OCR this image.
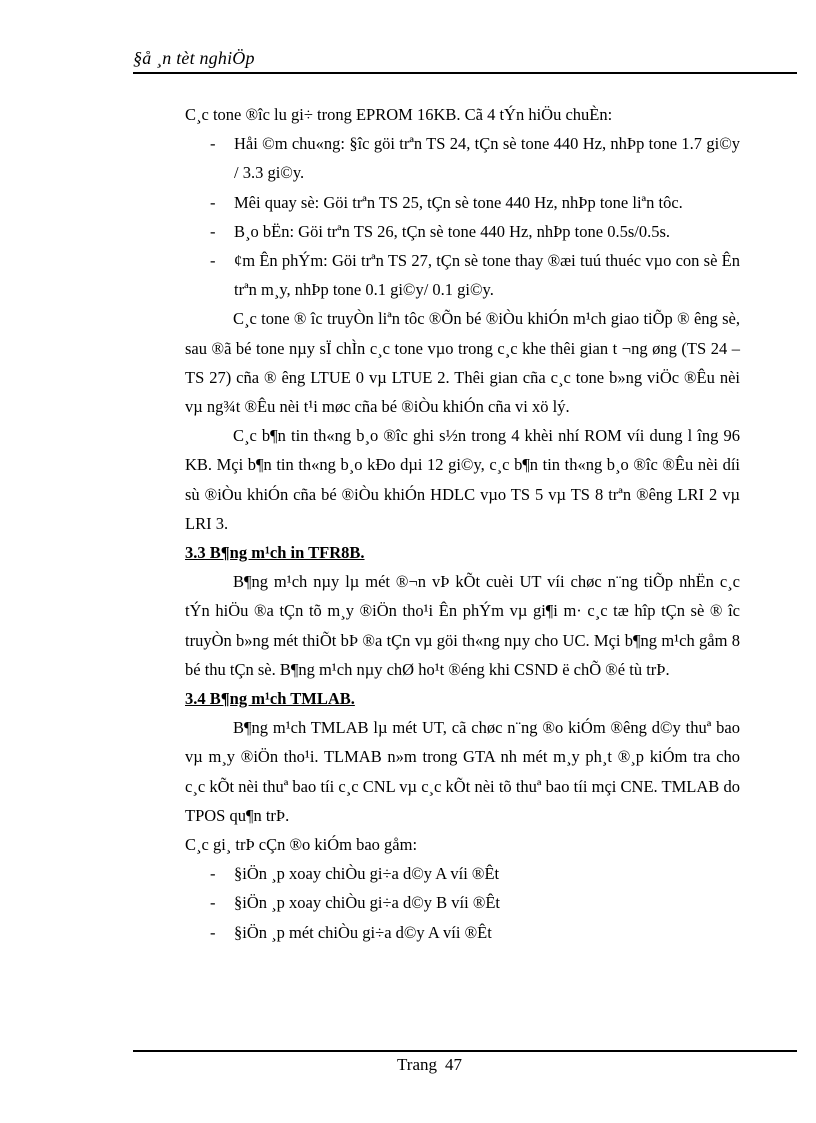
§å ¸n tèt nghiÖp

C¸c tone ®îc lu gi÷ trong EPROM 16KB. Cã 4 tÝn hiÖu chuÈn:

- Håi ©m chu«ng: §îc göi trªn TS 24, tÇn sè tone 440 Hz, nhÞp tone 1.7 gi©y / 3.3 gi©y.
- Mêi quay sè: Göi trªn TS 25, tÇn sè tone 440 Hz, nhÞp tone liªn tôc.
- B¸o bËn: Göi trªn TS 26, tÇn sè tone 440 Hz, nhÞp tone 0.5s/0.5s.
- ¢m Ên phÝm: Göi trªn TS 27, tÇn sè tone thay ®æi tuú thuéc vµo con sè Ên trªn m¸y, nhÞp tone 0.1 gi©y/ 0.1 gi©y.

C¸c tone ® îc truyÒn liªn tôc ®Õn bé ®iÒu khiÓn m¹ch giao tiÕp ® êng sè, sau ®ã bé tone nµy sÏ chÌn c¸c tone vµo trong c¸c khe thêi gian t ¬ng øng (TS 24 – TS 27) cña ® êng LTUE 0 vµ LTUE 2. Thêi gian cña c¸c tone b»ng viÖc ®Êu nèi vµ ng¾t ®Êu nèi t¹i møc cña bé ®iÒu khiÓn cña vi xö lý.

C¸c b¶n tin th«ng b¸o ®îc ghi s½n trong 4 khèi nhí ROM víi dung l îng 96 KB. Mçi b¶n tin th«ng b¸o kÐo dµi 12 gi©y, c¸c b¶n tin th«ng b¸o ®îc ®Êu nèi díi sù ®iÒu khiÓn cña bé ®iÒu khiÓn HDLC vµo TS 5 vµ TS 8 trªn ®êng LRI 2 vµ LRI 3.

3.3 B¶ng m¹ch in TFR8B.

B¶ng m¹ch nµy lµ mét ®¬n vÞ kÕt cuèi UT víi chøc n¨ng tiÕp nhËn c¸c tÝn hiÖu ®a tÇn tõ m¸y ®iÖn tho¹i Ên phÝm vµ gi¶i m· c¸c tæ hîp tÇn sè ® îc truyÒn b»ng mét thiÕt bÞ ®a tÇn vµ göi th«ng nµy cho UC. Mçi b¶ng m¹ch gåm 8 bé thu tÇn sè. B¶ng m¹ch nµy chØ ho¹t ®éng khi CSND ë chÕ ®é tù trÞ.

3.4 B¶ng m¹ch TMLAB.

B¶ng m¹ch TMLAB lµ mét UT, cã chøc n¨ng ®o kiÓm ®êng d©y thuª bao vµ m¸y ®iÖn tho¹i. TLMAB n»m trong GTA nh mét m¸y ph¸t ®¸p kiÓm tra cho c¸c kÕt nèi thuª bao tíi c¸c CNL vµ c¸c kÕt nèi tõ thuª bao tíi mçi CNE. TMLAB do TPOS qu¶n trÞ.

C¸c gi¸ trÞ cÇn ®o kiÓm bao gåm:

- §iÖn ¸p xoay chiÒu gi÷a d©y A víi ®Êt
- §iÖn ¸p xoay chiÒu gi÷a d©y B víi ®Êt
- §iÖn ¸p mét chiÒu gi÷a d©y A víi ®Êt
Trang 47
